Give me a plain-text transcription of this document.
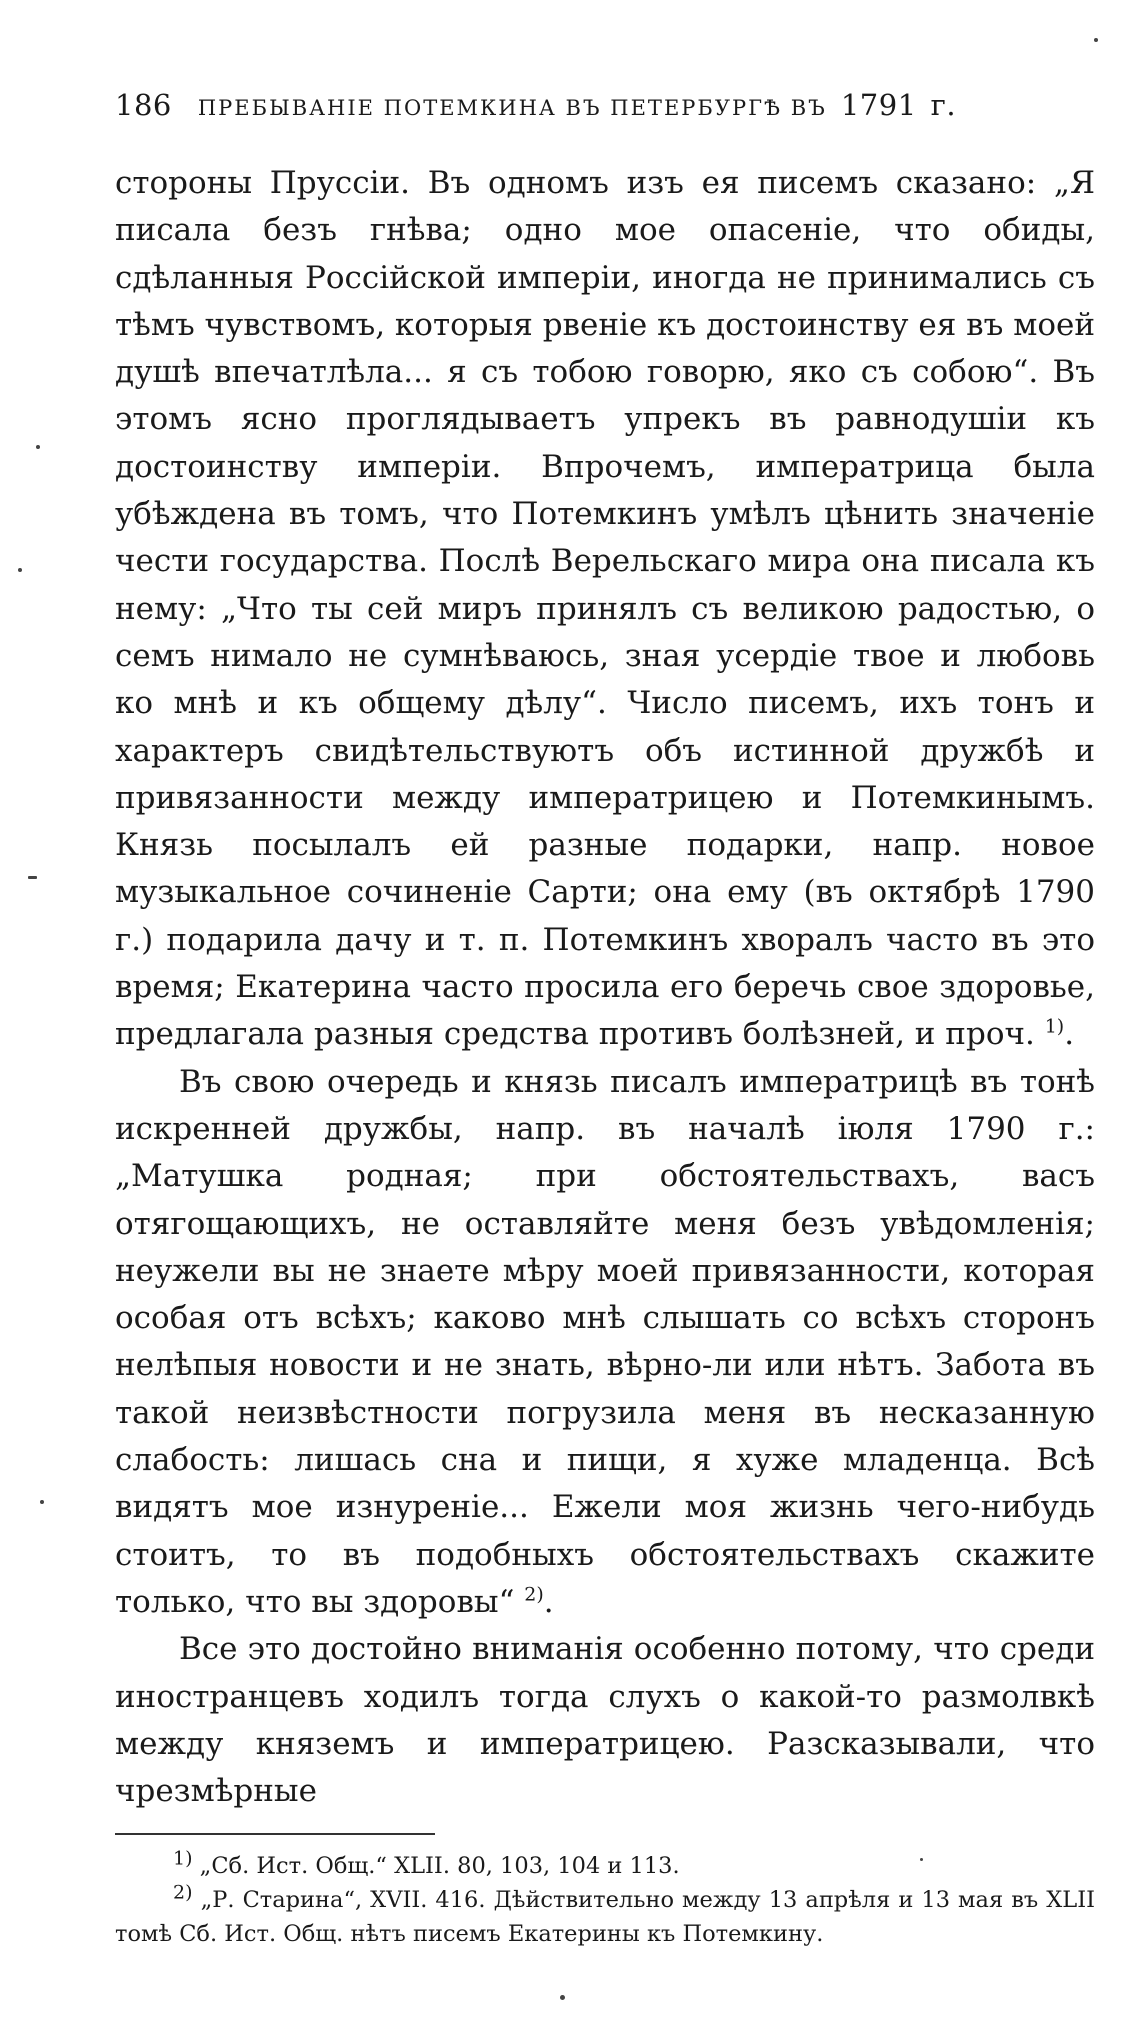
186 ПРЕБЫВАНІЕ ПОТЕМКИНА ВЪ ПЕТЕРБУРГѢ ВЪ 1791 г.

стороны Пруссіи. Въ одномъ изъ ея писемъ сказано: „Я писала безъ гнѣва; одно мое опасеніе, что обиды, сдѣланныя Россійской имперіи, иногда не принимались съ тѣмъ чувствомъ, которыя рвеніе къ достоинству ея въ моей душѣ впечатлѣла... я съ тобою говорю, яко съ собою“. Въ этомъ ясно проглядываетъ упрекъ въ равнодушіи къ достоинству имперіи. Впрочемъ, императрица была убѣждена въ томъ, что Потемкинъ умѣлъ цѣнить значеніе чести государства. Послѣ Верельскаго мира она писала къ нему: „Что ты сей миръ принялъ съ великою радостью, о семъ нимало не сумнѣваюсь, зная усердіе твое и любовь ко мнѣ и къ общему дѣлу“. Число писемъ, ихъ тонъ и характеръ свидѣтельствуютъ объ истинной дружбѣ и привязанности между императрицею и Потемкинымъ. Князь посылалъ ей разные подарки, напр. новое музыкальное сочиненіе Сарти; она ему (въ октябрѣ 1790 г.) подарила дачу и т. п. Потемкинъ хворалъ часто въ это время; Екатерина часто просила его беречь свое здоровье, предлагала разныя средства противъ болѣзней, и проч. $^{1)}$.

Въ свою очередь и князь писалъ императрицѣ въ тонѣ искренней дружбы, напр. въ началѣ іюля 1790 г.: „Матушка родная; при обстоятельствахъ, васъ отягощающихъ, не оставляйте меня безъ увѣдомленія; неужели вы не знаете мѣру моей привязанности, которая особая отъ всѣхъ; каково мнѣ слышать со всѣхъ сторонъ нелѣпыя новости и не знать, вѣрно-ли или нѣтъ. Забота въ такой неизвѣстности погрузила меня въ несказанную слабость: лишась сна и пищи, я хуже младенца. Всѣ видятъ мое изнуреніе... Ежели моя жизнь чего-нибудь стоитъ, то въ подобныхъ обстоятельствахъ скажите только, что вы здоровы“ $^{2)}$.

Все это достойно вниманія особенно потому, что среди иностранцевъ ходилъ тогда слухъ о какой-то размолвкѣ между княземъ и императрицею. Разсказывали, что чрезмѣрные

$^{1)}$ „Сб. Ист. Общ.“ XLII. 80, 103, 104 и 113.

$^{2)}$ „Р. Старина“, XVII. 416. Дѣйствительно между 13 апрѣля и 13 мая въ XLII томѣ Сб. Ист. Общ. нѣтъ писемъ Екатерины къ Потемкину.
